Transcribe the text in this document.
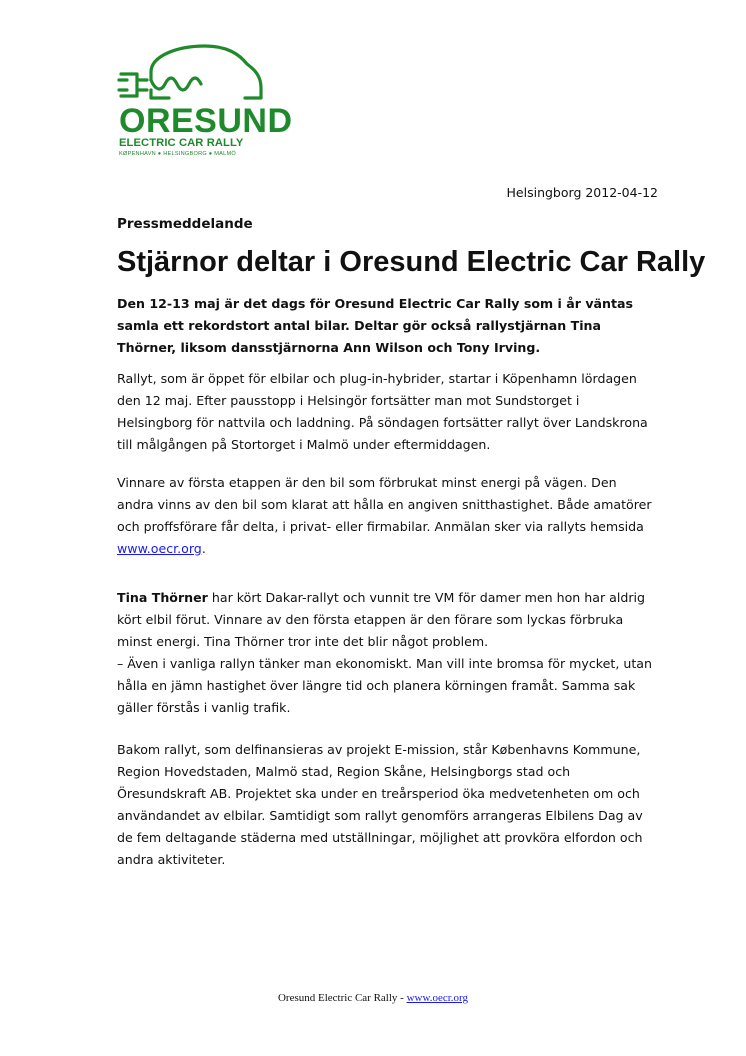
ORESUND
ELECTRIC CAR RALLY
KØPENHAVN ● HELSINGBORG ● MALMÖ
Helsingborg 2012-04-12
Pressmeddelande
Stjärnor deltar i Oresund Electric Car Rally
Den 12-13 maj är det dags för Oresund Electric Car Rally som i år väntas samla ett rekordstort antal bilar. Deltar gör också rallystjärnan Tina Thörner, liksom dansstjärnorna Ann Wilson och Tony Irving.
Rallyt, som är öppet för elbilar och plug-in-hybrider, startar i Köpenhamn lördagen den 12 maj. Efter pausstopp i Helsingör fortsätter man mot Sundstorget i Helsingborg för nattvila och laddning. På söndagen fortsätter rallyt över Landskrona till målgången på Stortorget i Malmö under eftermiddagen.
Vinnare av första etappen är den bil som förbrukat minst energi på vägen. Den andra vinns av den bil som klarat att hålla en angiven snitthastighet. Både amatörer och proffsförare får delta, i privat- eller firmabilar. Anmälan sker via rallyts hemsida www.oecr.org.
Tina Thörner har kört Dakar-rallyt och vunnit tre VM för damer men hon har aldrig kört elbil förut. Vinnare av den första etappen är den förare som lyckas förbruka minst energi. Tina Thörner tror inte det blir något problem.
– Även i vanliga rallyn tänker man ekonomiskt. Man vill inte bromsa för mycket, utan hålla en jämn hastighet över längre tid och planera körningen framåt. Samma sak gäller förstås i vanlig trafik.
Bakom rallyt, som delfinansieras av projekt E-mission, står Københavns Kommune, Region Hovedstaden, Malmö stad, Region Skåne, Helsingborgs stad och Öresundskraft AB. Projektet ska under en treårsperiod öka medvetenheten om och användandet av elbilar. Samtidigt som rallyt genomförs arrangeras Elbilens Dag av de fem deltagande städerna med utställningar, möjlighet att provköra elfordon och andra aktiviteter.
Oresund Electric Car Rally - www.oecr.org
